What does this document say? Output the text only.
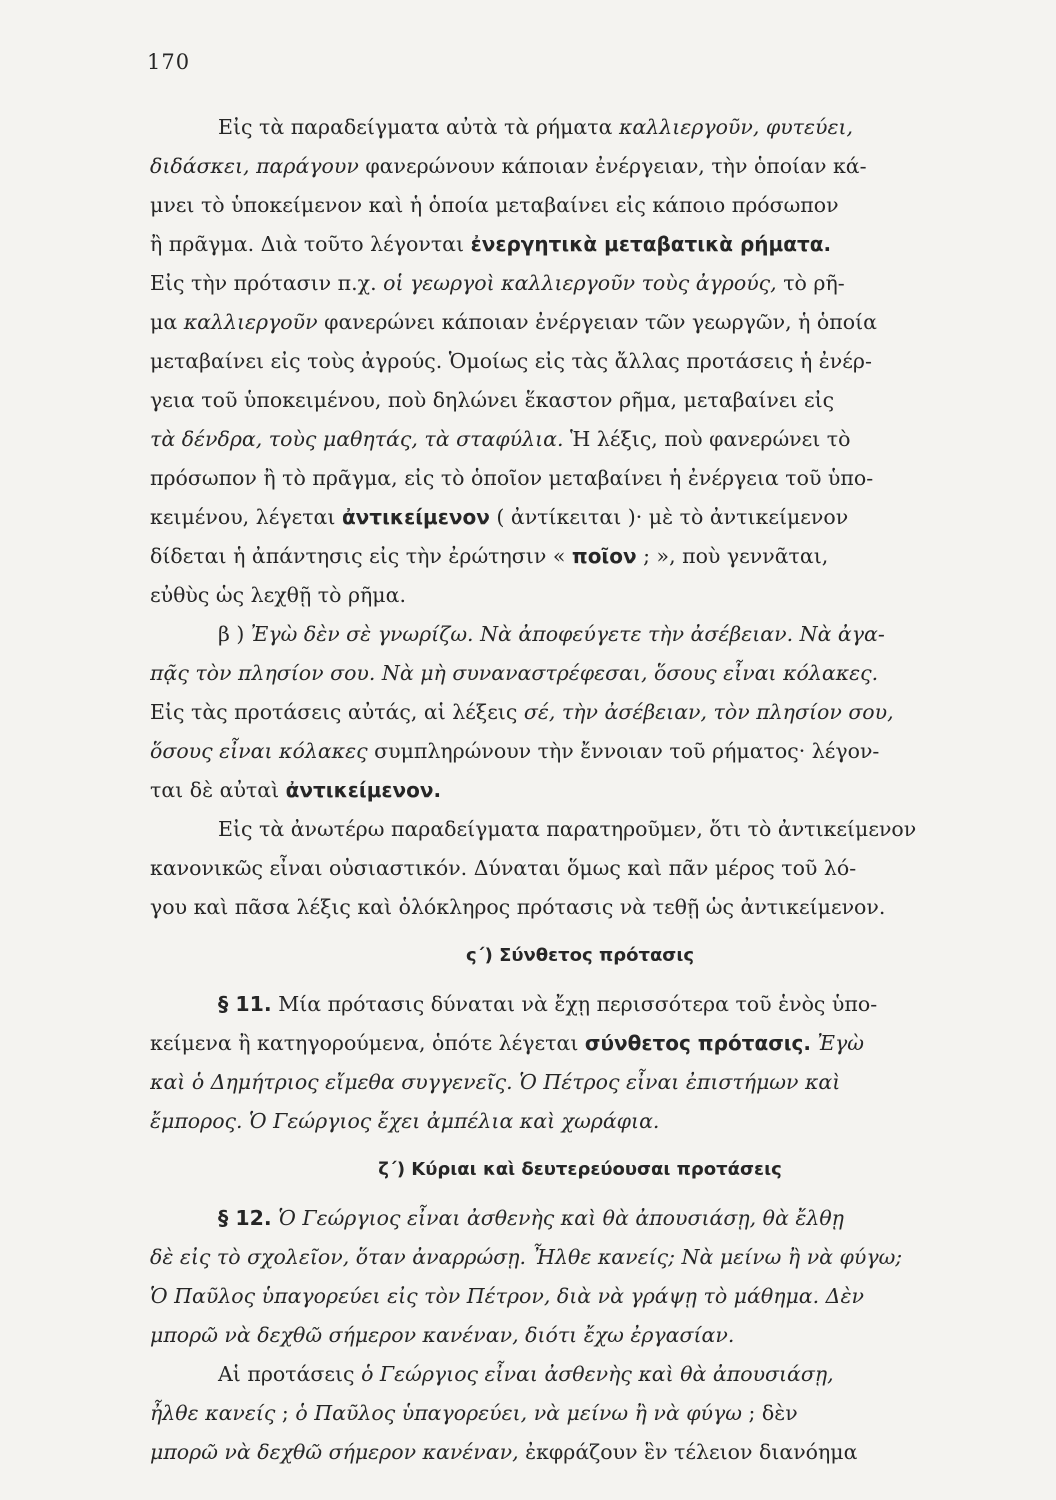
170
Εἰς τὰ παραδείγματα αὐτὰ τὰ ρήματα καλλιεργοῦν, φυτεύει,
διδάσκει, παράγουν φανερώνουν κάποιαν ἐνέργειαν, τὴν ὁποίαν κά-
μνει τὸ ὑποκείμενον καὶ ἡ ὁποία μεταβαίνει εἰς κάποιο πρόσωπον
ἢ πρᾶγμα. Διὰ τοῦτο λέγονται ἐνεργητικὰ μεταβατικὰ ρήματα.
Εἰς τὴν πρότασιν π.χ. οἱ γεωργοὶ καλλιεργοῦν τοὺς ἀγρούς, τὸ ρῆ-
μα καλλιεργοῦν φανερώνει κάποιαν ἐνέργειαν τῶν γεωργῶν, ἡ ὁποία
μεταβαίνει εἰς τοὺς ἀγρούς. Ὁμοίως εἰς τὰς ἄλλας προτάσεις ἡ ἐνέρ-
γεια τοῦ ὑποκειμένου, ποὺ δηλώνει ἕκαστον ρῆμα, μεταβαίνει εἰς
τὰ δένδρα, τοὺς μαθητάς, τὰ σταφύλια. Ἡ λέξις, ποὺ φανερώνει τὸ
πρόσωπον ἢ τὸ πρᾶγμα, εἰς τὸ ὁποῖον μεταβαίνει ἡ ἐνέργεια τοῦ ὑπο-
κειμένου, λέγεται ἀντικείμενον ( ἀντίκειται )· μὲ τὸ ἀντικείμενον
δίδεται ἡ ἀπάντησις εἰς τὴν ἐρώτησιν « ποῖον ; », ποὺ γεννᾶται,
εὐθὺς ὡς λεχθῇ τὸ ρῆμα.
β ) Ἐγὼ δὲν σὲ γνωρίζω. Νὰ ἀποφεύγετε τὴν ἀσέβειαν. Νὰ ἀγα-
πᾷς τὸν πλησίον σου. Νὰ μὴ συναναστρέφεσαι, ὅσους εἶναι κόλακες.
Εἰς τὰς προτάσεις αὐτάς, αἱ λέξεις σέ, τὴν ἀσέβειαν, τὸν πλησίον σου,
ὅσους εἶναι κόλακες συμπληρώνουν τὴν ἔννοιαν τοῦ ρήματος· λέγον-
ται δὲ αὐταὶ ἀντικείμενον.
Εἰς τὰ ἀνωτέρω παραδείγματα παρατηροῦμεν, ὅτι τὸ ἀντικείμενον
κανονικῶς εἶναι οὐσιαστικόν. Δύναται ὅμως καὶ πᾶν μέρος τοῦ λό-
γου καὶ πᾶσα λέξις καὶ ὁλόκληρος πρότασις νὰ τεθῇ ὡς ἀντικείμενον.
ς΄) Σύνθετος πρότασις
§ 11. Μία πρότασις δύναται νὰ ἔχῃ περισσότερα τοῦ ἑνὸς ὑπο-
κείμενα ἢ κατηγορούμενα, ὁπότε λέγεται σύνθετος πρότασις. Ἐγὼ
καὶ ὁ Δημήτριος εἴμεθα συγγενεῖς. Ὁ Πέτρος εἶναι ἐπιστήμων καὶ
ἔμπορος. Ὁ Γεώργιος ἔχει ἀμπέλια καὶ χωράφια.
ζ΄) Κύριαι καὶ δευτερεύουσαι προτάσεις
§ 12. Ὁ Γεώργιος εἶναι ἀσθενὴς καὶ θὰ ἀπουσιάσῃ, θὰ ἔλθῃ
δὲ εἰς τὸ σχολεῖον, ὅταν ἀναρρώσῃ. Ἦλθε κανείς; Νὰ μείνω ἢ νὰ φύγω;
Ὁ Παῦλος ὑπαγορεύει εἰς τὸν Πέτρον, διὰ νὰ γράψῃ τὸ μάθημα. Δὲν
μπορῶ νὰ δεχθῶ σήμερον κανέναν, διότι ἔχω ἐργασίαν.
Αἱ προτάσεις ὁ Γεώργιος εἶναι ἀσθενὴς καὶ θὰ ἀπουσιάσῃ,
ἦλθε κανείς ; ὁ Παῦλος ὑπαγορεύει, νὰ μείνω ἢ νὰ φύγω ; δὲν
μπορῶ νὰ δεχθῶ σήμερον κανέναν, ἐκφράζουν ἓν τέλειον διανόημα
